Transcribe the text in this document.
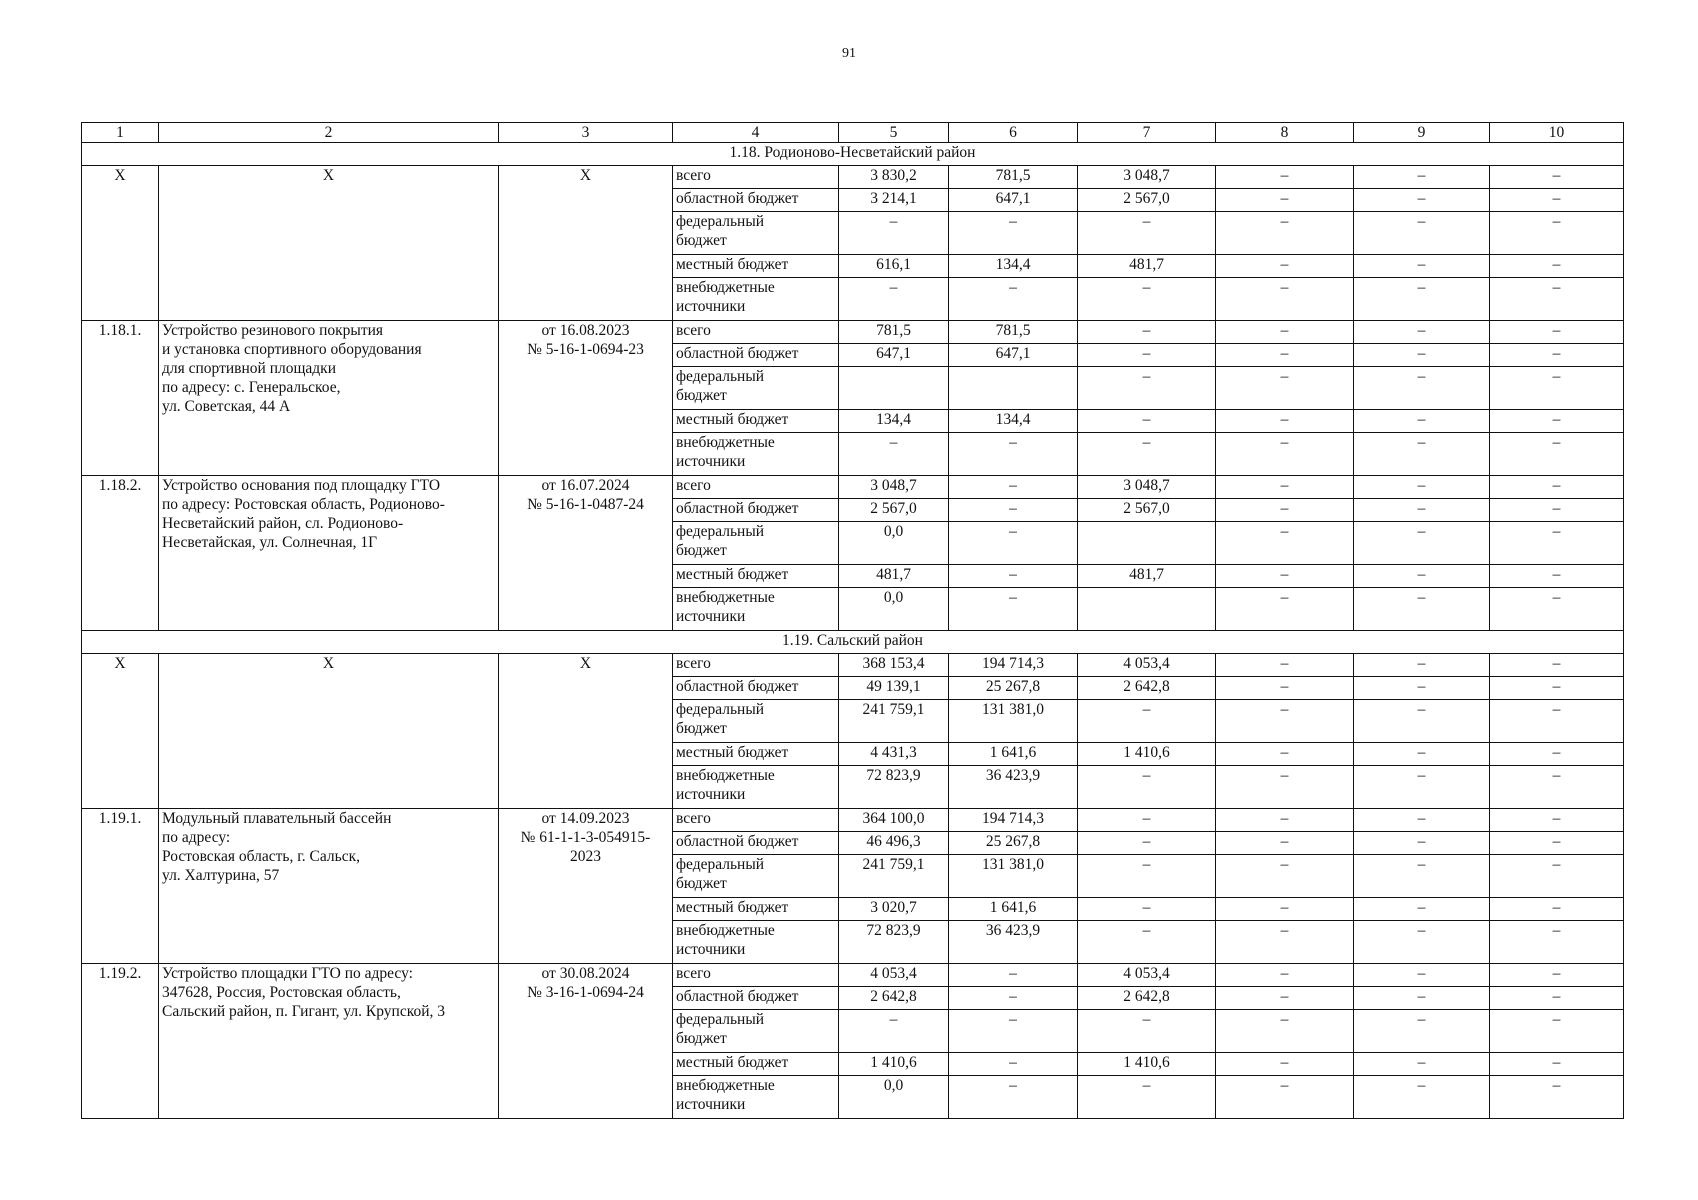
91
1	2	3	4	5	6	7	8	9	10
1.18. Родионово-Несветайский район									
Х	Х	Х	всего	3 830,2	781,5	3 048,7	–	–	–
			областной бюджет	3 214,1	647,1	2 567,0	–	–	–
			федеральный
бюджет	–	–	–	–	–	–
			местный бюджет	616,1	134,4	481,7	–	–	–
			внебюджетные
источники	–	–	–	–	–	–
1.18.1.	Устройство резинового покрытия
и установка спортивного оборудования
для спортивной площадки
по адресу: с. Генеральское,
ул. Советская, 44 А	от 16.08.2023
№ 5-16-1-0694-23	всего	781,5	781,5	–	–	–	–
			областной бюджет	647,1	647,1	–	–	–	–
			федеральный
бюджет			–	–	–	–
			местный бюджет	134,4	134,4	–	–	–	–
			внебюджетные
источники	–	–	–	–	–	–
1.18.2.	Устройство основания под площадку ГТО
по адресу: Ростовская область, Родионово-
Несветайский район, сл. Родионово-
Несветайская, ул. Солнечная, 1Г	от 16.07.2024
№ 5-16-1-0487-24	всего	3 048,7	–	3 048,7	–	–	–
			областной бюджет	2 567,0	–	2 567,0	–	–	–
			федеральный
бюджет	0,0	–		–	–	–
			местный бюджет	481,7	–	481,7	–	–	–
			внебюджетные
источники	0,0	–		–	–	–
1.19. Сальский район									
Х	Х	Х	всего	368 153,4	194 714,3	4 053,4	–	–	–
			областной бюджет	49 139,1	25 267,8	2 642,8	–	–	–
			федеральный
бюджет	241 759,1	131 381,0	–	–	–	–
			местный бюджет	4 431,3	1 641,6	1 410,6	–	–	–
			внебюджетные
источники	72 823,9	36 423,9	–	–	–	–
1.19.1.	Модульный плавательный бассейн
по адресу:
Ростовская область, г. Сальск,
ул. Халтурина, 57	от 14.09.2023
№ 61-1-1-3-054915-
2023	всего	364 100,0	194 714,3	–	–	–	–
			областной бюджет	46 496,3	25 267,8	–	–	–	–
			федеральный
бюджет	241 759,1	131 381,0	–	–	–	–
			местный бюджет	3 020,7	1 641,6	–	–	–	–
			внебюджетные
источники	72 823,9	36 423,9	–	–	–	–
1.19.2.	Устройство площадки ГТО по адресу:
347628, Россия, Ростовская область,
Сальский район, п. Гигант, ул. Крупской, 3	от 30.08.2024
№ 3-16-1-0694-24	всего	4 053,4	–	4 053,4	–	–	–
			областной бюджет	2 642,8	–	2 642,8	–	–	–
			федеральный
бюджет	–	–	–	–	–	–
			местный бюджет	1 410,6	–	1 410,6	–	–	–
			внебюджетные
источники	0,0	–	–	–	–	–
